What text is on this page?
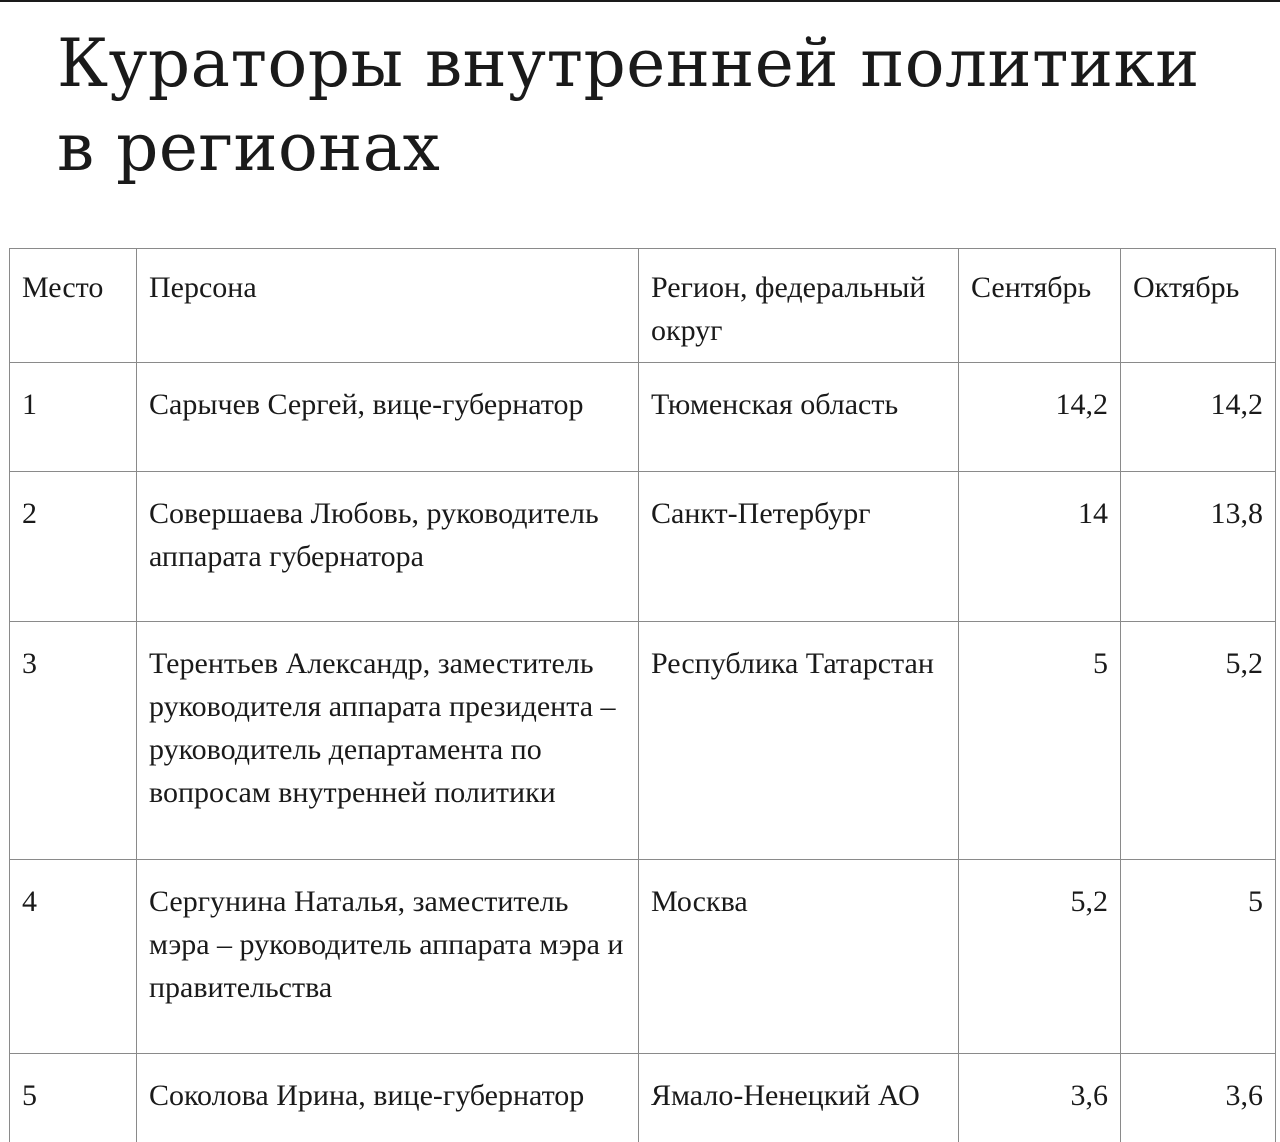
Кураторы внутренней политики в регионах
Место	Персона	Регион, федеральный округ	Сентябрь	Октябрь
1	Сарычев Сергей, вице-губернатор	Тюменская область	14,2	14,2
2	Совершаева Любовь, руководитель аппарата губернатора	Санкт-Петербург	14	13,8
3	Терентьев Александр, заместитель руководителя аппарата президента – руководитель департамента по вопросам внутренней политики	Республика Татарстан	5	5,2
4	Сергунина Наталья, заместитель мэра – руководитель аппарата мэра и правительства	Москва	5,2	5
5	Соколова Ирина, вице-губернатор	Ямало-Ненецкий АО	3,6	3,6
